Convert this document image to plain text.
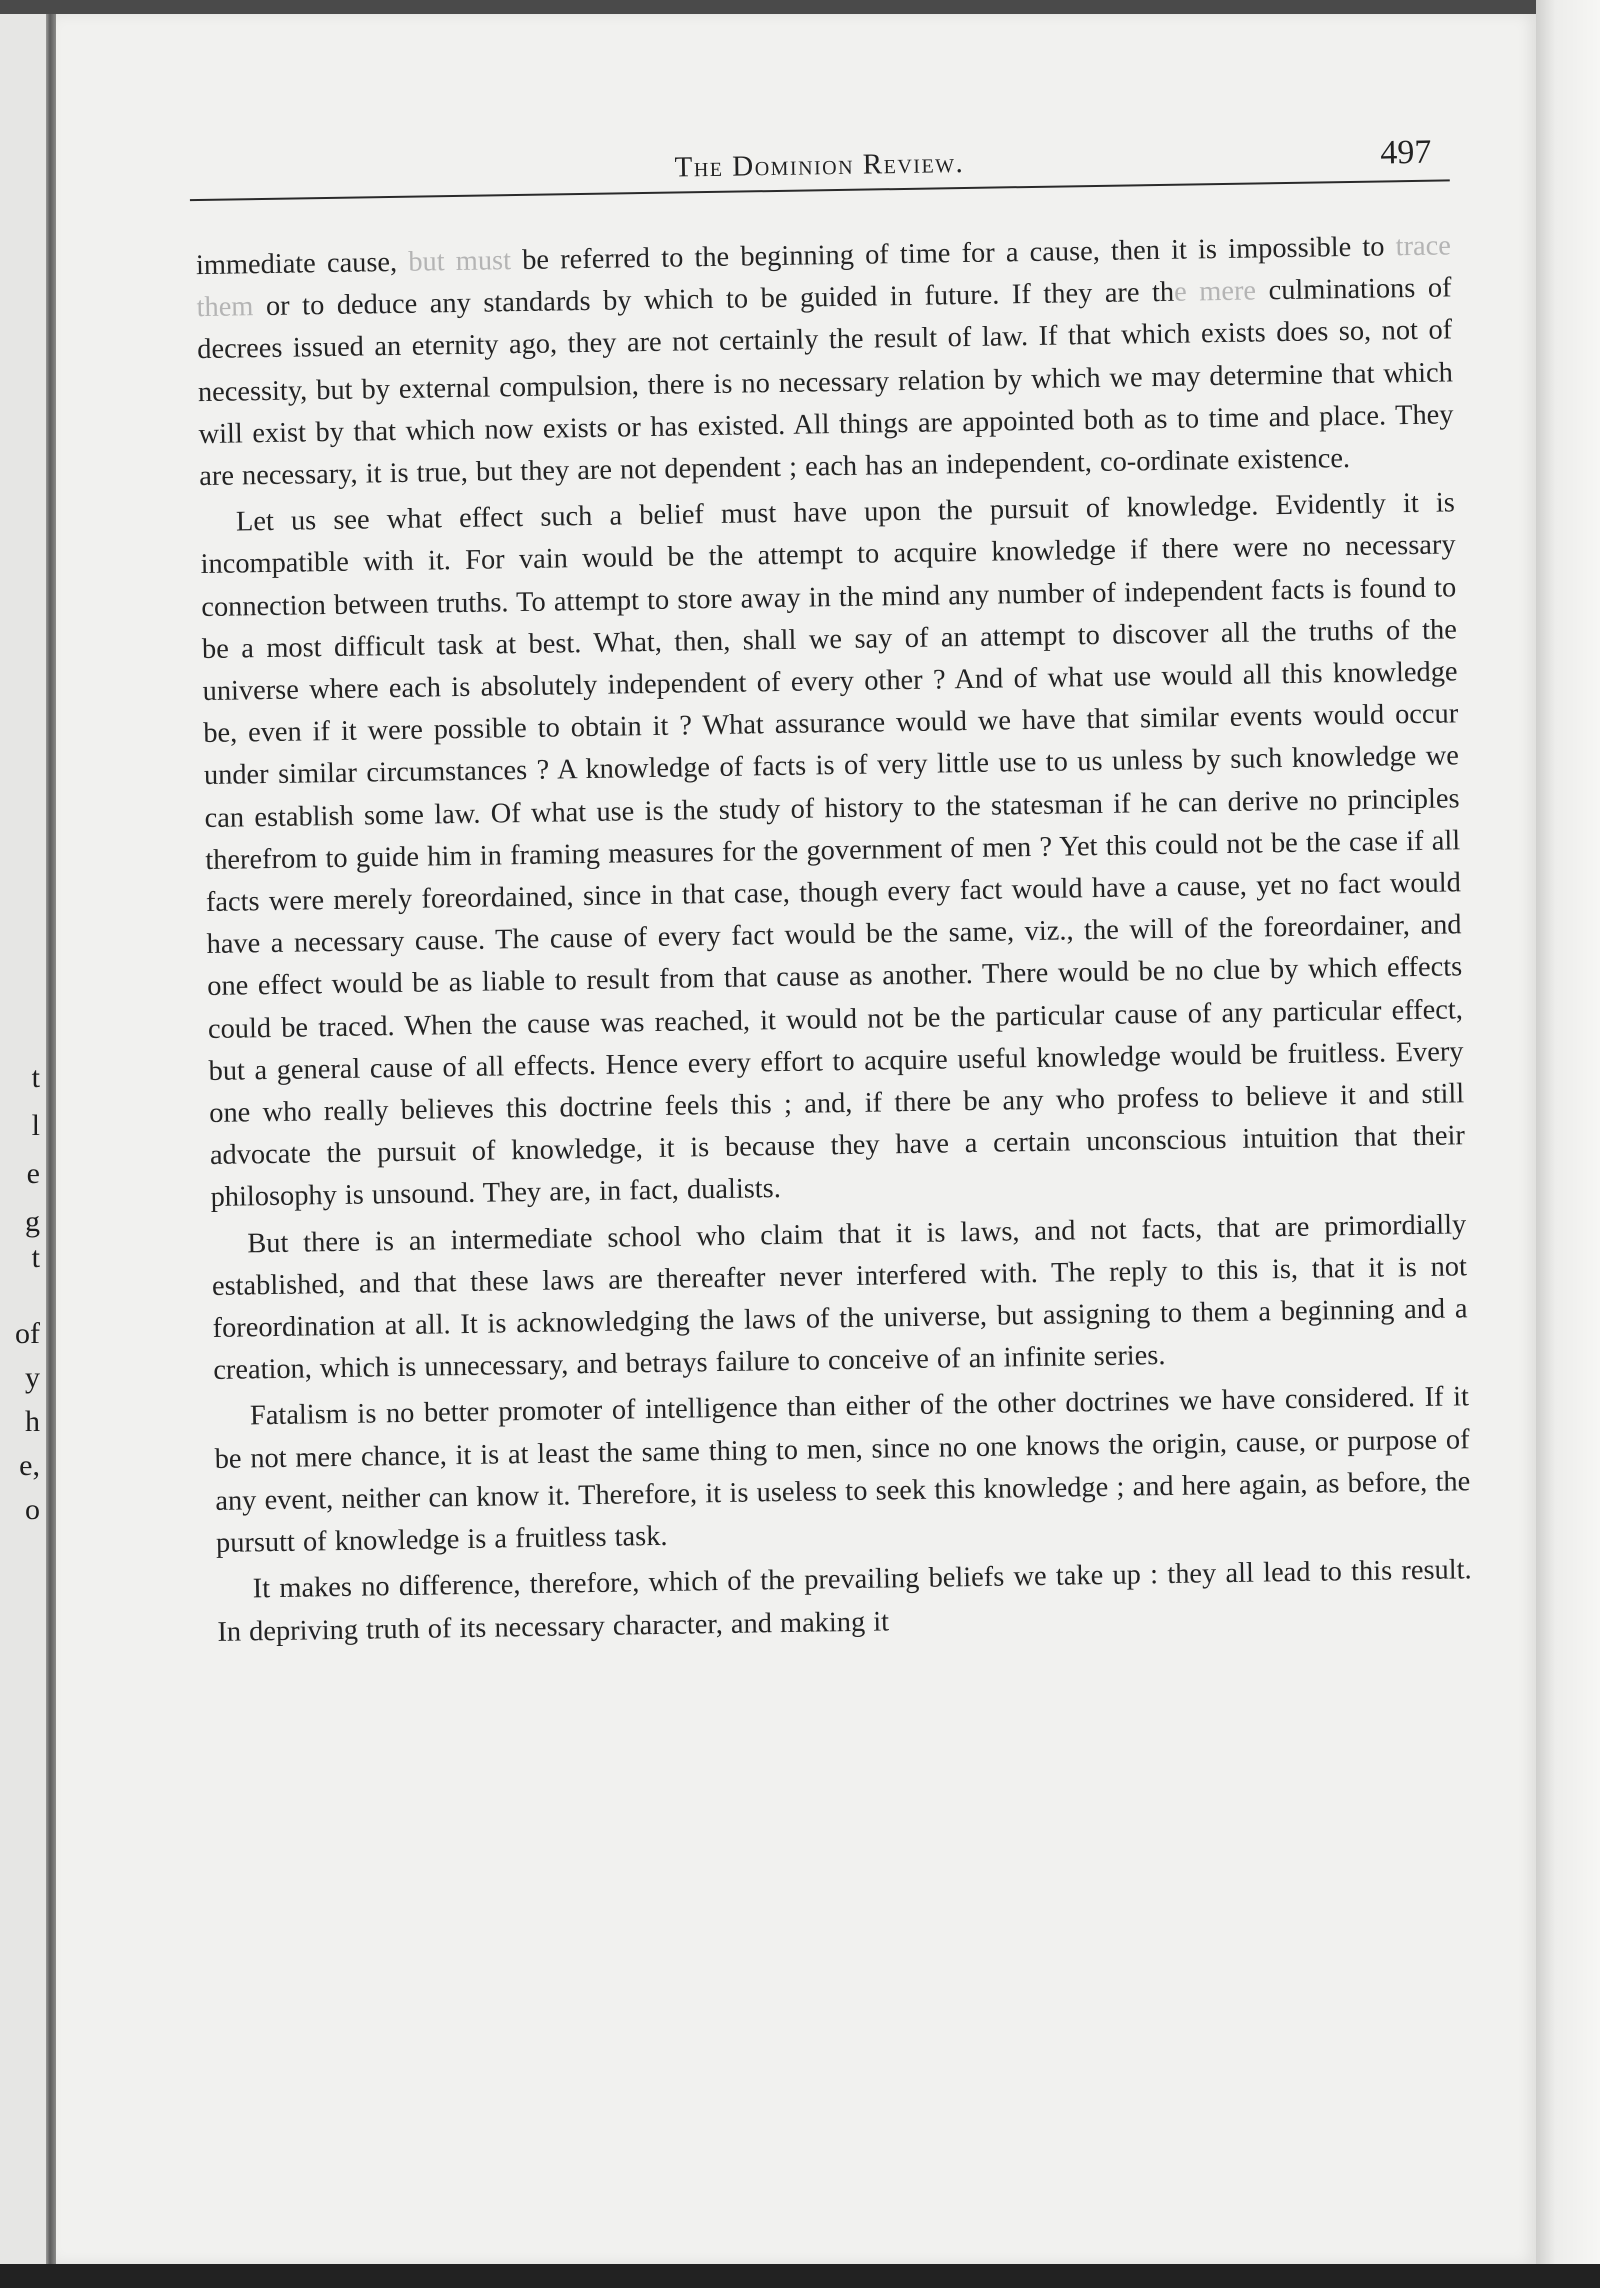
t
l
e
g
t
of
y
h
e,
o
The Dominion Review.	497

immediate cause, but must be referred to the beginning of time for a cause, then it is impossible to trace them or to deduce any standards by which to be guided in future. If they are the mere culminations of decrees issued an eternity ago, they are not certainly the result of law. If that which exists does so, not of necessity, but by external compulsion, there is no necessary relation by which we may determine that which will exist by that which now exists or has existed. All things are appointed both as to time and place. They are necessary, it is true, but they are not dependent ; each has an independent, co-ordinate existence.

Let us see what effect such a belief must have upon the pursuit of knowledge. Evidently it is incompatible with it. For vain would be the attempt to acquire knowledge if there were no necessary connection between truths. To attempt to store away in the mind any number of independent facts is found to be a most difficult task at best. What, then, shall we say of an attempt to discover all the truths of the universe where each is absolutely independent of every other ? And of what use would all this knowledge be, even if it were possible to obtain it ? What assurance would we have that similar events would occur under similar circumstances ? A knowledge of facts is of very little use to us unless by such knowledge we can establish some law. Of what use is the study of history to the statesman if he can derive no principles therefrom to guide him in framing measures for the government of men ? Yet this could not be the case if all facts were merely foreordained, since in that case, though every fact would have a cause, yet no fact would have a necessary cause. The cause of every fact would be the same, viz., the will of the foreordainer, and one effect would be as liable to result from that cause as another. There would be no clue by which effects could be traced. When the cause was reached, it would not be the particular cause of any particular effect, but a general cause of all effects. Hence every effort to acquire useful knowledge would be fruitless. Every one who really believes this doctrine feels this ; and, if there be any who profess to believe it and still advocate the pursuit of knowledge, it is because they have a certain unconscious intuition that their philosophy is unsound. They are, in fact, dualists.

But there is an intermediate school who claim that it is laws, and not facts, that are primordially established, and that these laws are thereafter never interfered with. The reply to this is, that it is not foreordination at all. It is acknowledging the laws of the universe, but assigning to them a beginning and a creation, which is unnecessary, and betrays failure to conceive of an infinite series.

Fatalism is no better promoter of intelligence than either of the other doctrines we have considered. If it be not mere chance, it is at least the same thing to men, since no one knows the origin, cause, or purpose of any event, neither can know it. Therefore, it is useless to seek this knowledge ; and here again, as before, the pursutt of knowledge is a fruitless task.

It makes no difference, therefore, which of the prevailing beliefs we take up : they all lead to this result. In depriving truth of its necessary character, and making it
